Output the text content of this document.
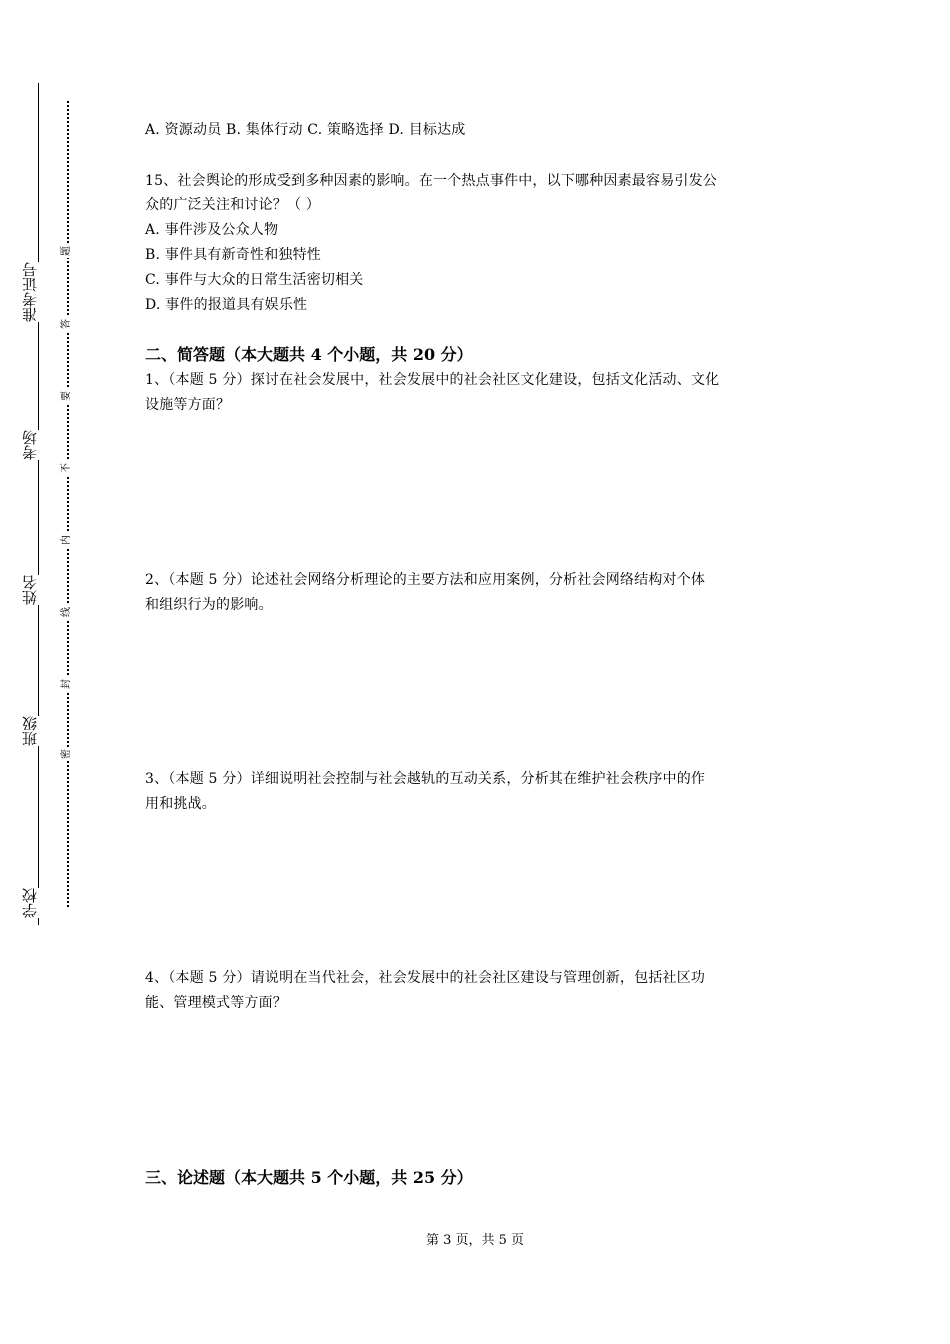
准考证号
考场
姓名
班级
学校
题
答
要
不
内
线
封
密
A. 资源动员 B. 集体行动 C. 策略选择 D. 目标达成
15、社会舆论的形成受到多种因素的影响。在一个热点事件中，以下哪种因素最容易引发公
众的广泛关注和讨论？（ ）
A. 事件涉及公众人物
B. 事件具有新奇性和独特性
C. 事件与大众的日常生活密切相关
D. 事件的报道具有娱乐性
二、简答题（本大题共 4 个小题，共 20 分）
1、（本题 5 分）探讨在社会发展中，社会发展中的社会社区文化建设，包括文化活动、文化
设施等方面？
2、（本题 5 分）论述社会网络分析理论的主要方法和应用案例，分析社会网络结构对个体
和组织行为的影响。
3、（本题 5 分）详细说明社会控制与社会越轨的互动关系，分析其在维护社会秩序中的作
用和挑战。
4、（本题 5 分）请说明在当代社会，社会发展中的社会社区建设与管理创新，包括社区功
能、管理模式等方面？
三、论述题（本大题共 5 个小题，共 25 分）
第 3 页，共 5 页
